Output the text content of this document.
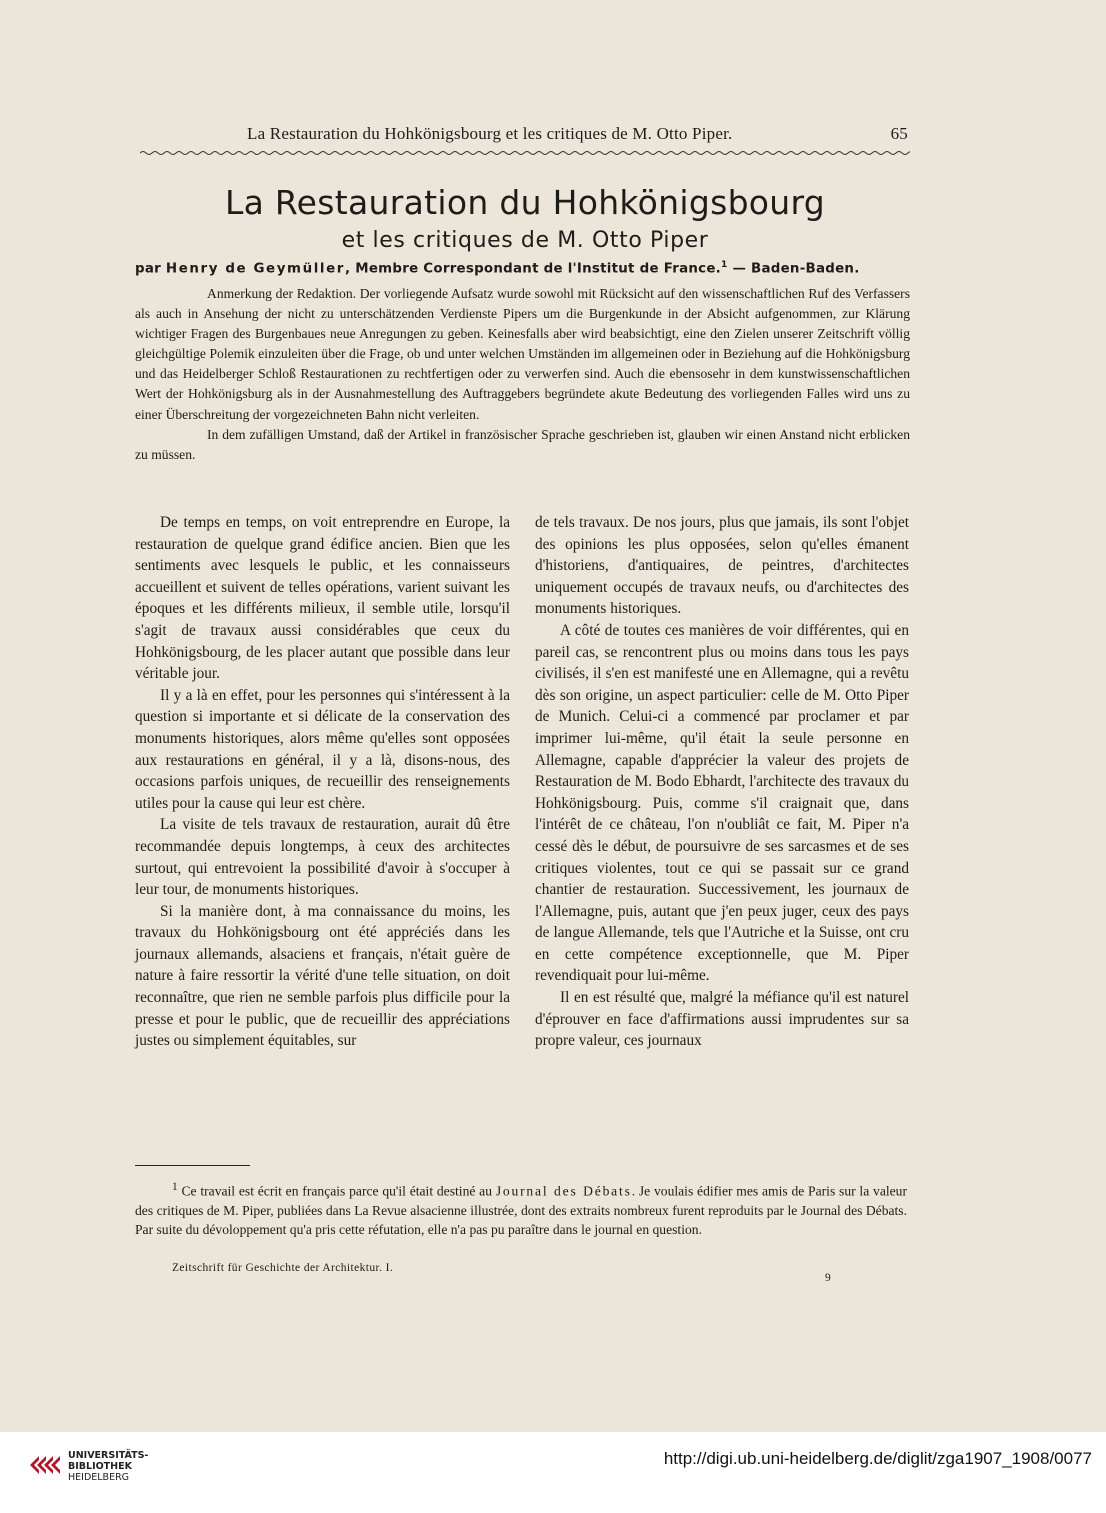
La Restauration du Hohkönigsbourg et les critiques de M. Otto Piper.	65
La Restauration du Hohkönigsbourg
et les critiques de M. Otto Piper
par Henry de Geymüller, Membre Correspondant de l'Institut de France.$^1$ — Baden-Baden.

Anmerkung der Redaktion. Der vorliegende Aufsatz wurde sowohl mit Rücksicht auf den wissenschaftlichen Ruf des Verfassers als auch in Ansehung der nicht zu unterschätzenden Verdienste Pipers um die Burgenkunde in der Absicht aufgenommen, zur Klärung wichtiger Fragen des Burgenbaues neue Anregungen zu geben. Keinesfalls aber wird beabsichtigt, eine den Zielen unserer Zeitschrift völlig gleichgültige Polemik einzuleiten über die Frage, ob und unter welchen Umständen im allgemeinen oder in Beziehung auf die Hohkönigsburg und das Heidelberger Schloß Restaurationen zu rechtfertigen oder zu verwerfen sind. Auch die ebensosehr in dem kunstwissenschaftlichen Wert der Hohkönigsburg als in der Ausnahmestellung des Auftraggebers begründete akute Bedeutung des vorliegenden Falles wird uns zu einer Überschreitung der vorgezeichneten Bahn nicht verleiten.

In dem zufälligen Umstand, daß der Artikel in französischer Sprache geschrieben ist, glauben wir einen Anstand nicht erblicken zu müssen.

De temps en temps, on voit entreprendre en Europe, la restauration de quelque grand édifice ancien. Bien que les sentiments avec lesquels le public, et les connaisseurs accueillent et suivent de telles opérations, varient suivant les époques et les différents milieux, il semble utile, lorsqu'il s'agit de travaux aussi considérables que ceux du Hohkönigsbourg, de les placer autant que possible dans leur véritable jour.

Il y a là en effet, pour les personnes qui s'intéressent à la question si importante et si délicate de la conservation des monuments historiques, alors même qu'elles sont opposées aux restaurations en général, il y a là, disons-nous, des occasions parfois uniques, de recueillir des renseignements utiles pour la cause qui leur est chère.

La visite de tels travaux de restauration, aurait dû être recommandée depuis longtemps, à ceux des architectes surtout, qui entrevoient la possibilité d'avoir à s'occuper à leur tour, de monuments historiques.

Si la manière dont, à ma connaissance du moins, les travaux du Hohkönigsbourg ont été appréciés dans les journaux allemands, alsaciens et français, n'était guère de nature à faire ressortir la vérité d'une telle situation, on doit reconnaître, que rien ne semble parfois plus difficile pour la presse et pour le public, que de recueillir des appréciations justes ou simplement équitables, sur

de tels travaux. De nos jours, plus que jamais, ils sont l'objet des opinions les plus opposées, selon qu'elles émanent d'historiens, d'antiquaires, de peintres, d'architectes uniquement occupés de travaux neufs, ou d'architectes des monuments historiques.

A côté de toutes ces manières de voir différentes, qui en pareil cas, se rencontrent plus ou moins dans tous les pays civilisés, il s'en est manifesté une en Allemagne, qui a revêtu dès son origine, un aspect particulier: celle de M. Otto Piper de Munich. Celui-ci a commencé par proclamer et par imprimer lui-même, qu'il était la seule personne en Allemagne, capable d'apprécier la valeur des projets de Restauration de M. Bodo Ebhardt, l'architecte des travaux du Hohkönigsbourg. Puis, comme s'il craignait que, dans l'intérêt de ce château, l'on n'oubliât ce fait, M. Piper n'a cessé dès le début, de poursuivre de ses sarcasmes et de ses critiques violentes, tout ce qui se passait sur ce grand chantier de restauration. Successivement, les journaux de l'Allemagne, puis, autant que j'en peux juger, ceux des pays de langue Allemande, tels que l'Autriche et la Suisse, ont cru en cette compétence exceptionnelle, que M. Piper revendiquait pour lui-même.

Il en est résulté que, malgré la méfiance qu'il est naturel d'éprouver en face d'affirmations aussi imprudentes sur sa propre valeur, ces journaux

$^1$ Ce travail est écrit en français parce qu'il était destiné au Journal des Débats. Je voulais édifier mes amis de Paris sur la valeur des critiques de M. Piper, publiées dans La Revue alsacienne illustrée, dont des extraits nombreux furent reproduits par le Journal des Débats. Par suite du dévoloppement qu'a pris cette réfutation, elle n'a pas pu paraître dans le journal en question.

Zeitschrift für Geschichte der Architektur. I.
9
UNIVERSITÄTS-
BIBLIOTHEK
HEIDELBERG
http://digi.ub.uni-heidelberg.de/diglit/zga1907_1908/0077
